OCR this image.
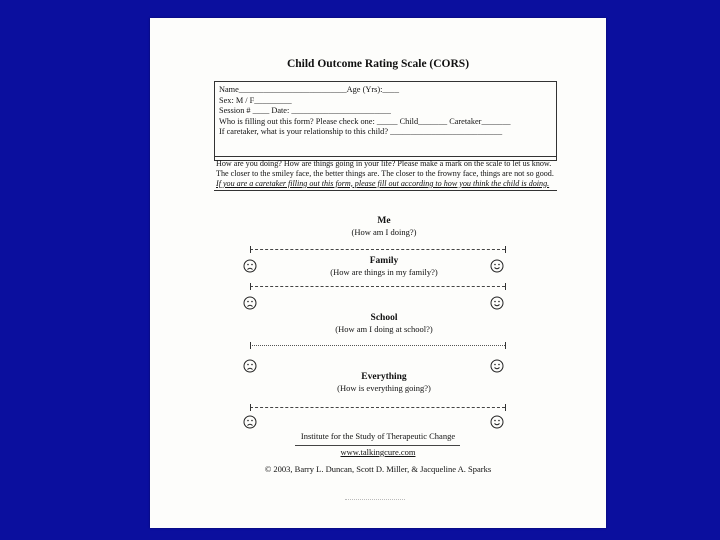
Child Outcome Rating Scale (CORS)
Name__________________________Age (Yrs):____
Sex: M / F_________
Session # ____ Date: ________________________
Who is filling out this form? Please check one: _____ Child_______ Caretaker_______
If caretaker, what is your relationship to this child? ___________________________
How are you doing? How are things going in your life? Please make a mark on the scale to let us know. The closer to the smiley face, the better things are. The closer to the frowny face, things are not so good. If you are a caretaker filling out this form, please fill out according to how you think the child is doing.
Me
(How am I doing?)
Family
(How are things in my family?)
School
(How am I doing at school?)
Everything
(How is everything going?)
Institute for the Study of Therapeutic Change
www.talkingcure.com
© 2003, Barry L. Duncan, Scott D. Miller, & Jacqueline A. Sparks
